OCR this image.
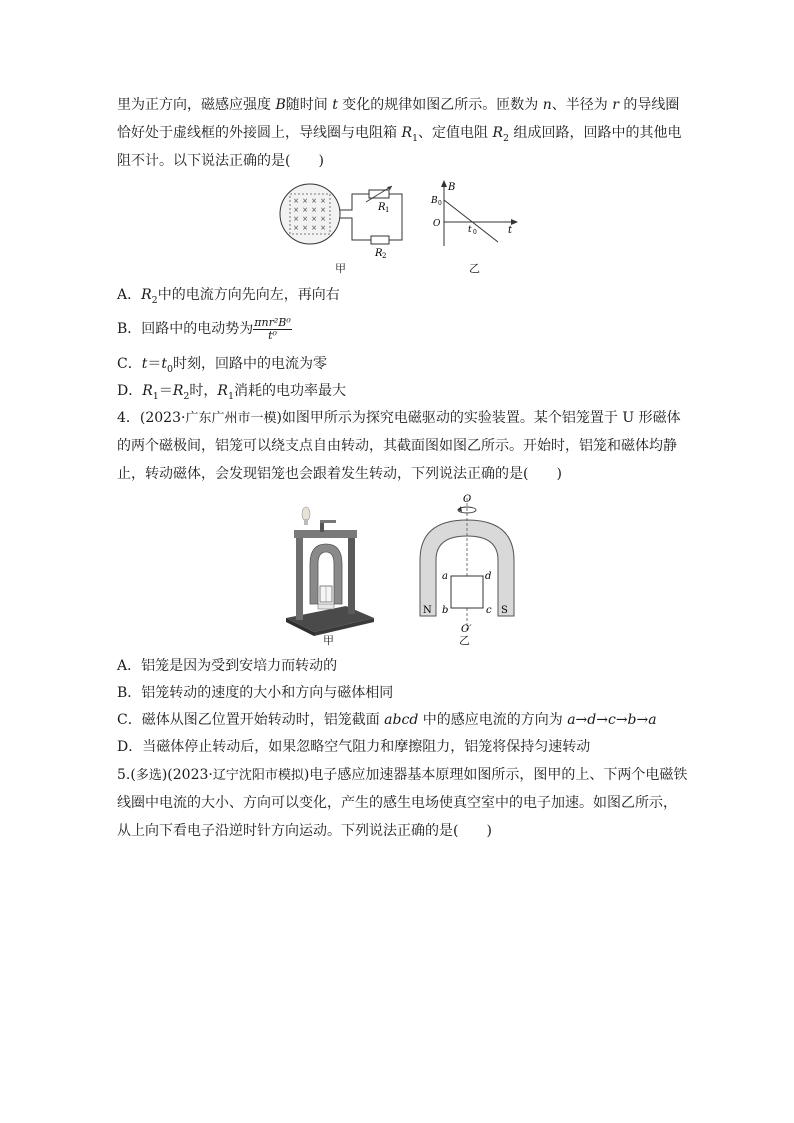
里为正方向，磁感应强度 B随时间 t 变化的规律如图乙所示。匝数为 n、半径为 r 的导线圈
恰好处于虚线框的外接圆上，导线圈与电阻箱 $R_1$、定值电阻 $R_2$ 组成回路，回路中的其他电
阻不计。以下说法正确的是(　　)
× × × ×
× × × ×
× × × ×
× × × ×
R 1
R 2
甲
B
B 0
O
t 0	t
乙
A．$R_2$中的电流方向先向左，再向右
B．回路中的电动势为 $\frac{\text{πnr²B⁰}}{\text{t⁰}}$
C．$t=t_0$时刻，回路中的电流为零
D．$R_1=R_2$时，$R_1$消耗的电功率最大
4．(2023·广东广州市一模)如图甲所示为探究电磁驱动的实验装置。某个铝笼置于 U 形磁体
的两个磁极间，铝笼可以绕支点自由转动，其截面图如图乙所示。开始时，铝笼和磁体均静
止，转动磁体，会发现铝笼也会跟着发生转动，下列说法正确的是(　　)
甲
a
b	c
d
N	S
O
O′
乙
A．铝笼是因为受到安培力而转动的
B．铝笼转动的速度的大小和方向与磁体相同
C．磁体从图乙位置开始转动时，铝笼截面 abcd 中的感应电流的方向为 a→d→c→b→a
D．当磁体停止转动后，如果忽略空气阻力和摩擦阻力，铝笼将保持匀速转动
5.(多选)(2023·辽宁沈阳市模拟)电子感应加速器基本原理如图所示，图甲的上、下两个电磁铁
线圈中电流的大小、方向可以变化，产生的感生电场使真空室中的电子加速。如图乙所示，
从上向下看电子沿逆时针方向运动。下列说法正确的是(　　)
